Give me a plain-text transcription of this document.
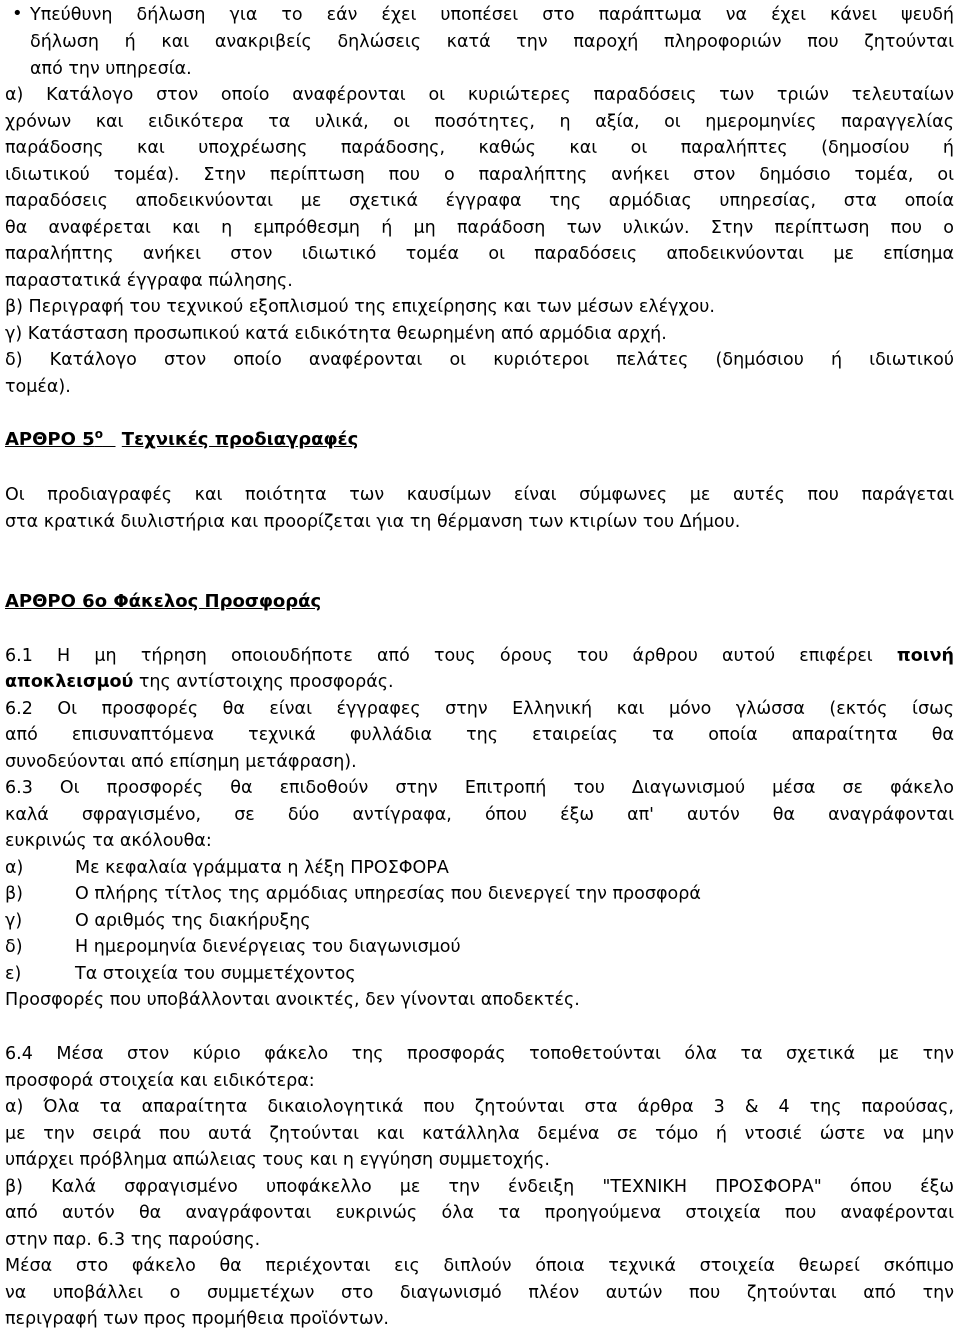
• Υπεύθυνη δήλωση για το εάν έχει υποπέσει στο παράπτωμα να έχει κάνει ψευδή
δήλωση ή και ανακριβείς δηλώσεις κατά την παροχή πληροφοριών που ζητούνται
από την υπηρεσία.
α) Κατάλογο στον οποίο αναφέρονται οι κυριώτερες παραδόσεις των τριών τελευταίων
χρόνων και ειδικότερα τα υλικά, οι ποσότητες, η αξία, οι ημερομηνίες παραγγελίας
παράδοσης και υποχρέωσης παράδοσης, καθώς και οι παραλήπτες (δημοσίου ή
ιδιωτικού τομέα). Στην περίπτωση που ο παραλήπτης ανήκει στον δημόσιο τομέα, οι
παραδόσεις αποδεικνύονται με σχετικά έγγραφα της αρμόδιας υπηρεσίας, στα οποία
θα αναφέρεται και η εμπρόθεσμη ή μη παράδοση των υλικών. Στην περίπτωση που ο
παραλήπτης ανήκει στον ιδιωτικό τομέα οι παραδόσεις αποδεικνύονται με επίσημα
παραστατικά έγγραφα πώλησης.
β) Περιγραφή του τεχνικού εξοπλισμού της επιχείρησης και των μέσων ελέγχου.
γ) Κατάσταση προσωπικού κατά ειδικότητα θεωρημένη από αρμόδια αρχή.
δ) Κατάλογο στον οποίο αναφέρονται οι κυριότεροι πελάτες (δημόσιου ή ιδιωτικού
τομέα).
ΑΡΘΡΟ $5^o$ Τεχνικές προδιαγραφές
Οι προδιαγραφές και ποιότητα των καυσίμων είναι σύμφωνες με αυτές που παράγεται
στα κρατικά διυλιστήρια και προορίζεται για τη θέρμανση των κτιρίων του Δήμου.
ΑΡΘΡΟ 6ο Φάκελος Προσφοράς
6.1 Η μη τήρηση οποιουδήποτε από τους όρους του άρθρου αυτού επιφέρει ποινή
αποκλεισμού της αντίστοιχης προσφοράς.
6.2 Οι προσφορές θα είναι έγγραφες στην Ελληνική και μόνο γλώσσα (εκτός ίσως
από επισυναπτόμενα τεχνικά φυλλάδια της εταιρείας τα οποία απαραίτητα θα
συνοδεύονται από επίσημη μετάφραση).
6.3 Οι προσφορές θα επιδοθούν στην Επιτροπή του Διαγωνισμού μέσα σε φάκελο
καλά σφραγισμένο, σε δύο αντίγραφα, όπου έξω απ' αυτόν θα αναγράφονται
ευκρινώς τα ακόλουθα:
α)	Με κεφαλαία γράμματα η λέξη ΠΡΟΣΦΟΡΑ
β)	Ο πλήρης τίτλος της αρμόδιας υπηρεσίας που διενεργεί την προσφορά
γ)	Ο αριθμός της διακήρυξης
δ)	Η ημερομηνία διενέργειας του διαγωνισμού
ε)	Τα στοιχεία του συμμετέχοντος
Προσφορές που υποβάλλονται ανοικτές, δεν γίνονται αποδεκτές.
6.4 Μέσα στον κύριο φάκελο της προσφοράς τοποθετούνται όλα τα σχετικά με την
προσφορά στοιχεία και ειδικότερα:
α) Όλα τα απαραίτητα δικαιολογητικά που ζητούνται στα άρθρα 3 & 4 της παρούσας,
με την σειρά που αυτά ζητούνται και κατάλληλα δεμένα σε τόμο ή ντοσιέ ώστε να μην
υπάρχει πρόβλημα απώλειας τους και η εγγύηση συμμετοχής.
β) Καλά σφραγισμένο υποφάκελλο με την ένδειξη "ΤΕΧΝΙΚΗ ΠΡΟΣΦΟΡΑ" όπου έξω
από αυτόν θα αναγράφονται ευκρινώς όλα τα προηγούμενα στοιχεία που αναφέρονται
στην παρ. 6.3 της παρούσης.
Μέσα στο φάκελο θα περιέχονται εις διπλούν όποια τεχνικά στοιχεία θεωρεί σκόπιμο
να υποβάλλει ο συμμετέχων στο διαγωνισμό πλέον αυτών που ζητούνται από την
περιγραφή των προς προμήθεια προϊόντων.
